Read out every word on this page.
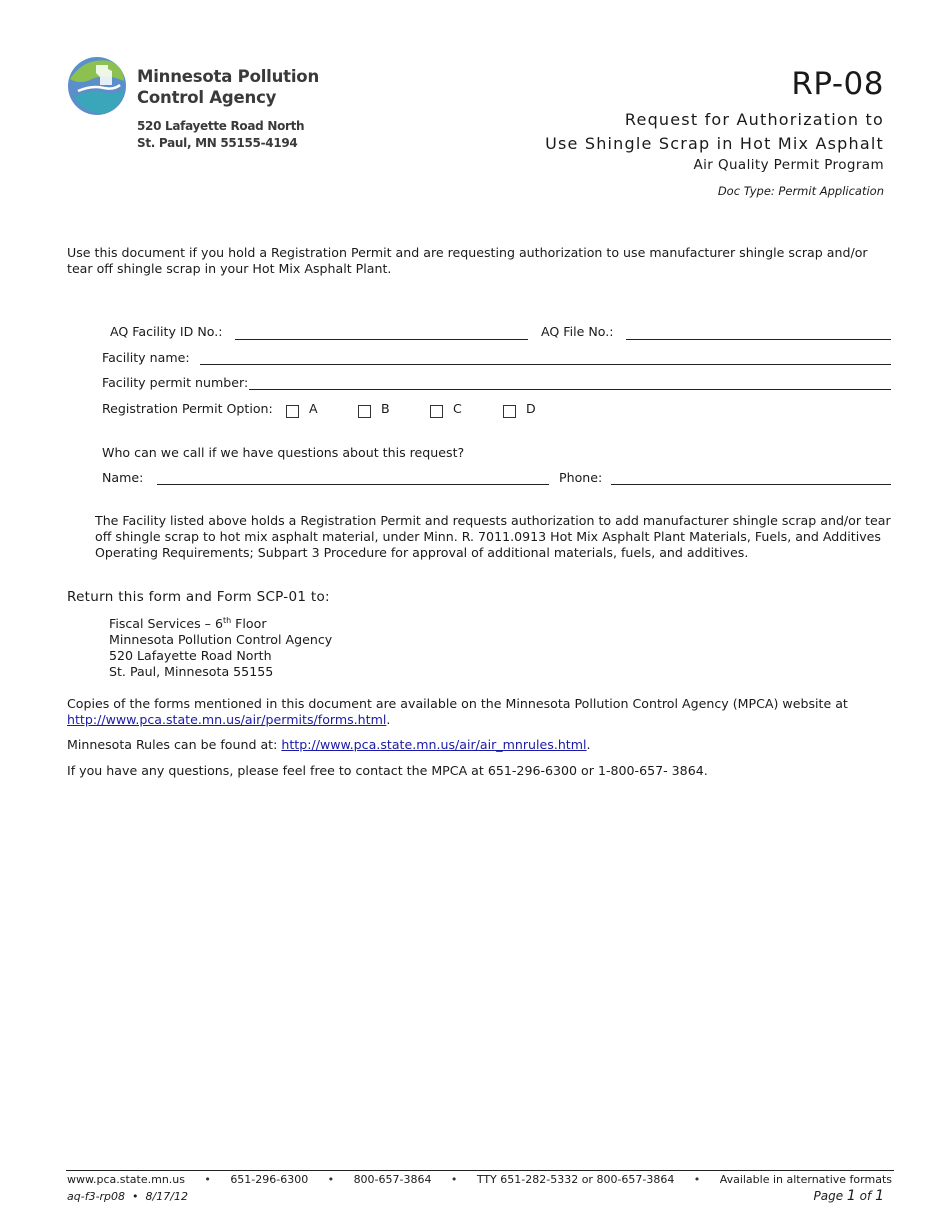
Minnesota Pollution
Control Agency
520 Lafayette Road North
St. Paul, MN 55155-4194
RP-08
Request for Authorization to
Use Shingle Scrap in Hot Mix Asphalt
Air Quality Permit Program
Doc Type: Permit Application
Use this document if you hold a Registration Permit and are requesting authorization to use manufacturer shingle scrap and/or tear off shingle scrap in your Hot Mix Asphalt Plant.
AQ Facility ID No.:	AQ File No.:
Facility name:
Facility permit number:
Registration Permit Option:	A	B	C	D
Who can we call if we have questions about this request?
Name:	Phone:
The Facility listed above holds a Registration Permit and requests authorization to add manufacturer shingle scrap and/or tear off shingle scrap to hot mix asphalt material, under Minn. R. 7011.0913 Hot Mix Asphalt Plant Materials, Fuels, and Additives Operating Requirements; Subpart 3 Procedure for approval of additional materials, fuels, and additives.
Return this form and Form SCP-01 to:
Fiscal Services – 6th Floor
Minnesota Pollution Control Agency
520 Lafayette Road North
St. Paul, Minnesota 55155
Copies of the forms mentioned in this document are available on the Minnesota Pollution Control Agency (MPCA) website at
http://www.pca.state.mn.us/air/permits/forms.html.
Minnesota Rules can be found at: http://www.pca.state.mn.us/air/air_mnrules.html.
If you have any questions, please feel free to contact the MPCA at 651-296-6300 or 1-800-657- 3864.
www.pca.state.mn.us • 651-296-6300 • 800-657-3864 • TTY 651-282-5332 or 800-657-3864 • Available in alternative formats
aq-f3-rp08 • 8/17/12	Page 1 of 1
